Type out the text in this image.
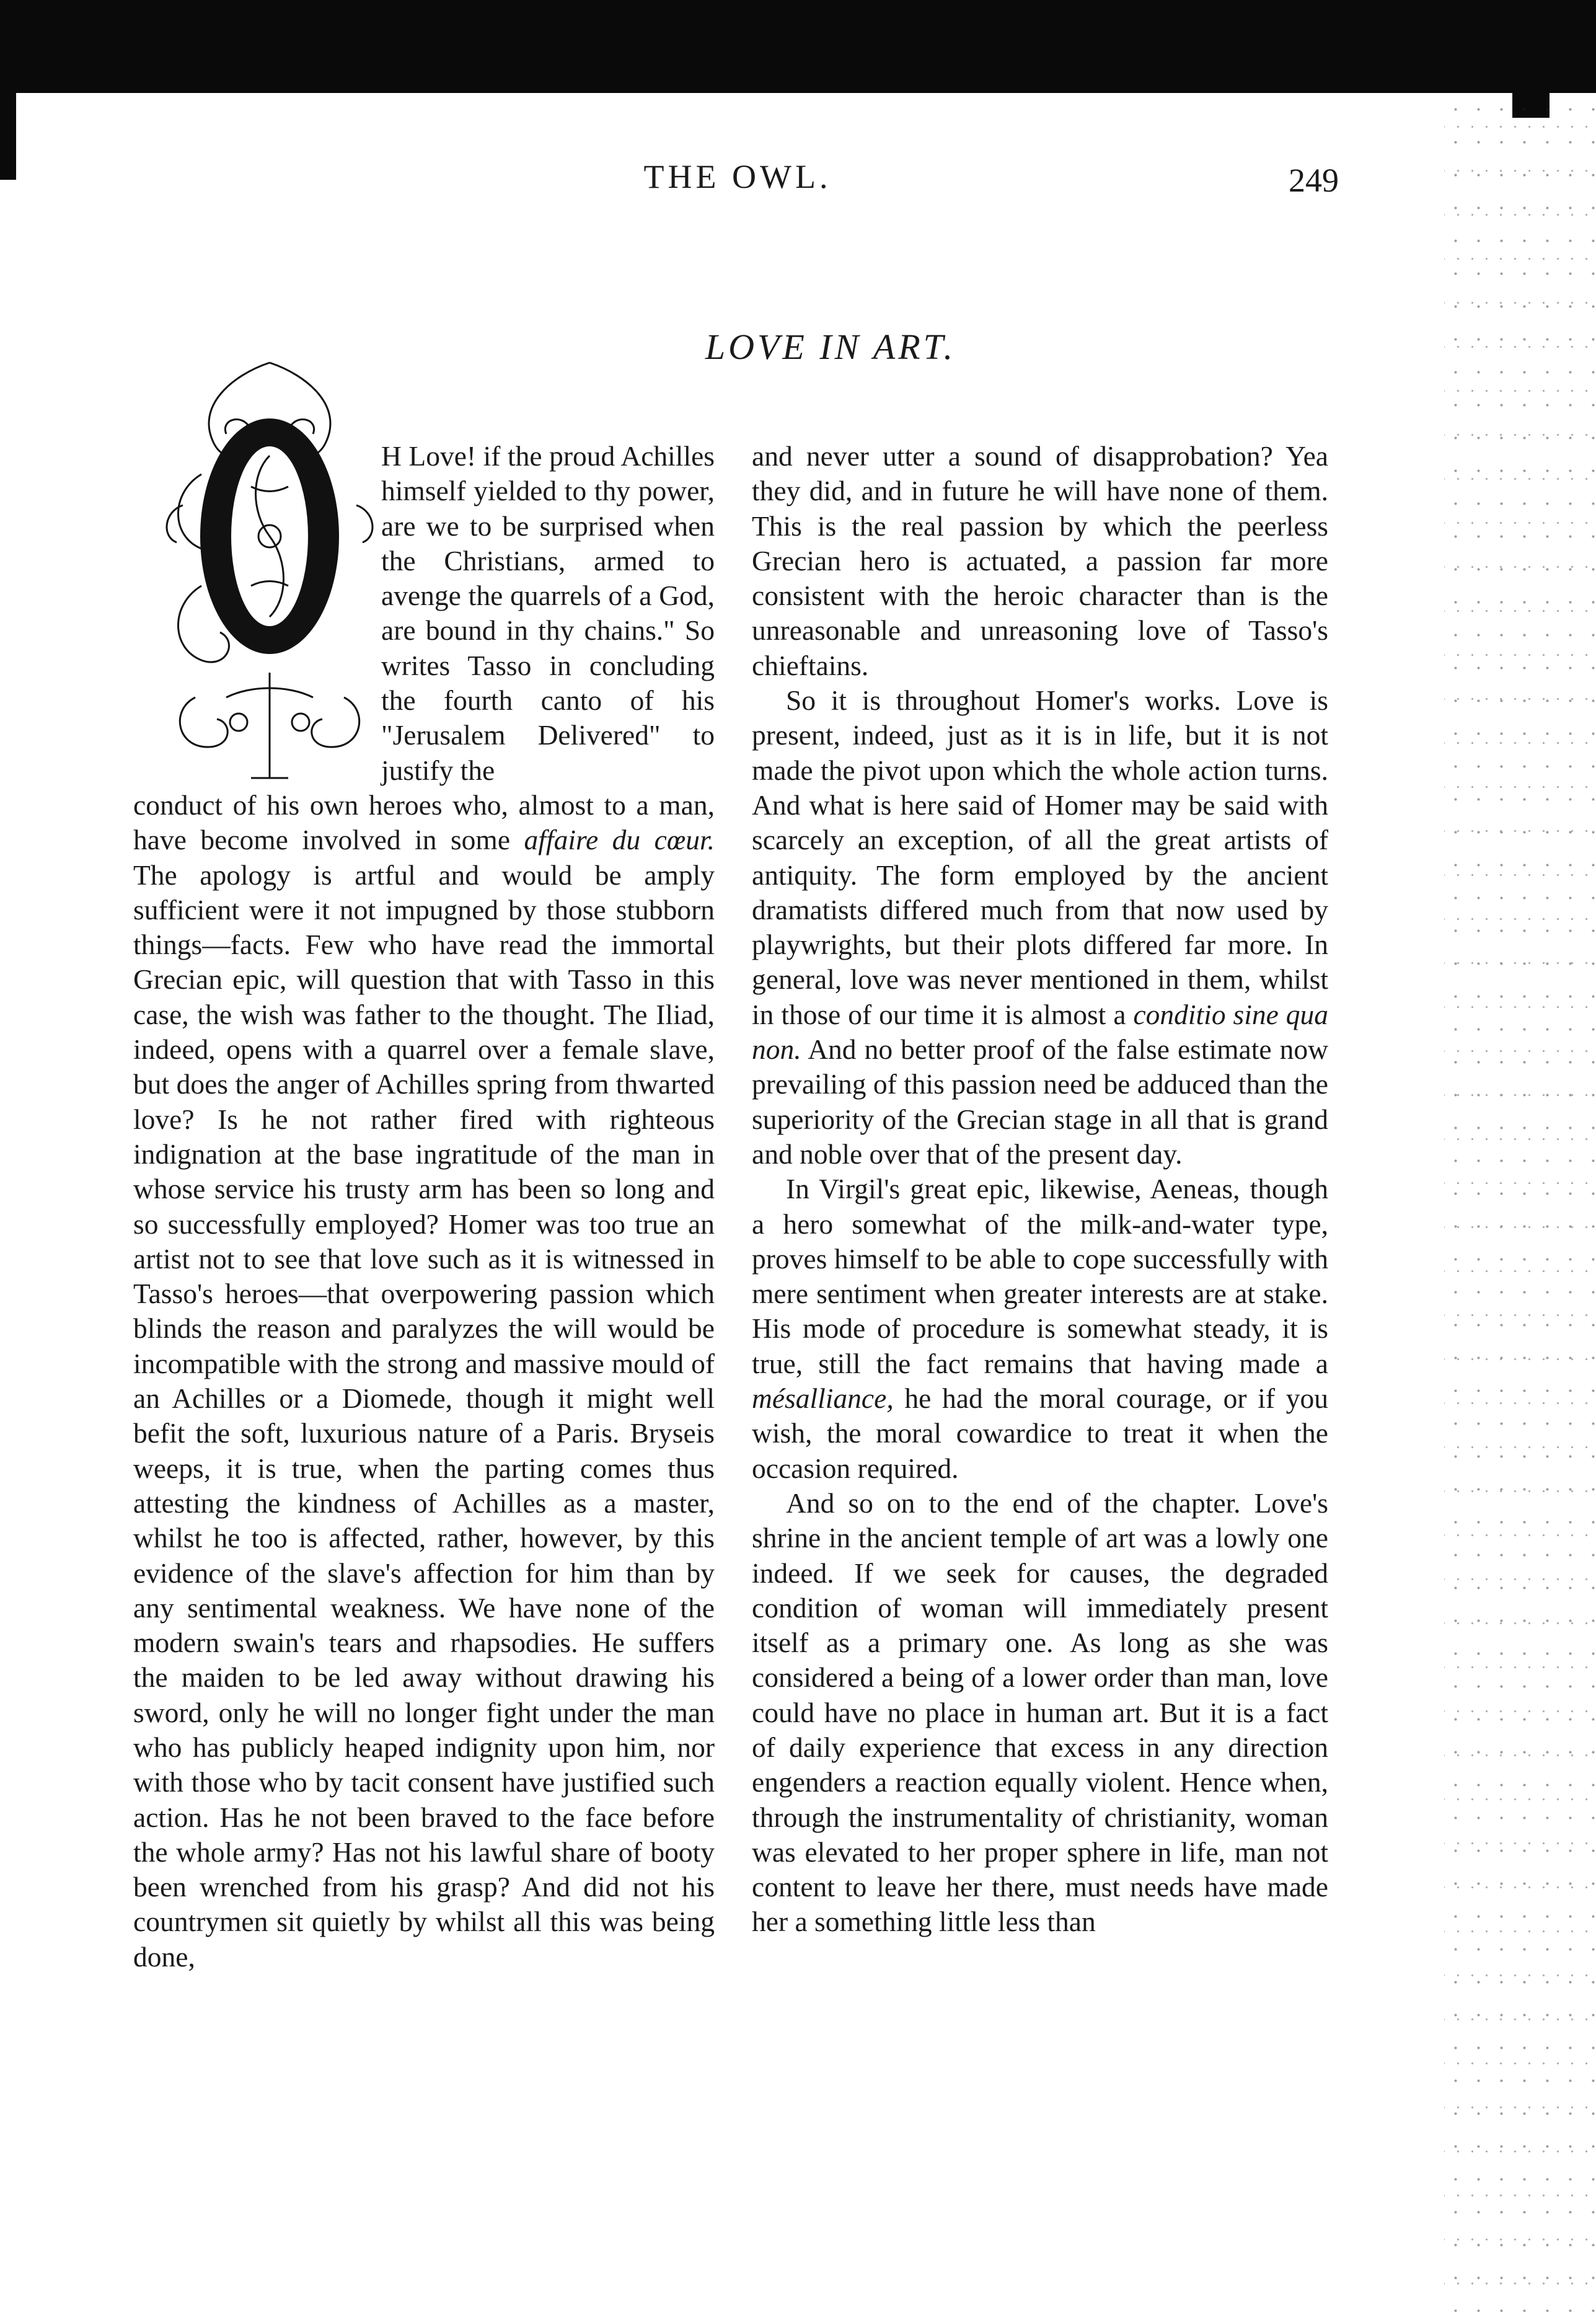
THE OWL.	249
LOVE IN ART.

H Love! if the proud Achilles himself yielded to thy power, are we to be surprised when the Christians, armed to avenge the quarrels of a God, are bound in thy chains." So writes Tasso in concluding the fourth canto of his "Jerusalem Delivered" to justify the

conduct of his own heroes who, almost to a man, have become involved in some affaire du cœur. The apology is artful and would be amply sufficient were it not impugned by those stubborn things—facts. Few who have read the immortal Grecian epic, will question that with Tasso in this case, the wish was father to the thought. The Iliad, indeed, opens with a quarrel over a female slave, but does the anger of Achilles spring from thwarted love? Is he not rather fired with righteous indignation at the base ingratitude of the man in whose service his trusty arm has been so long and so successfully employed? Homer was too true an artist not to see that love such as it is witnessed in Tasso's heroes—that overpowering passion which blinds the reason and paralyzes the will would be incompatible with the strong and massive mould of an Achilles or a Diomede, though it might well befit the soft, luxurious nature of a Paris. Bryseis weeps, it is true, when the parting comes thus attesting the kindness of Achilles as a master, whilst he too is affected, rather, however, by this evidence of the slave's affection for him than by any sentimental weakness. We have none of the modern swain's tears and rhapsodies. He suffers the maiden to be led away without drawing his sword, only he will no longer fight under the man who has publicly heaped indignity upon him, nor with those who by tacit consent have justified such action. Has he not been braved to the face before the whole army? Has not his lawful share of booty been wrenched from his grasp? And did not his countrymen sit quietly by whilst all this was being done,

and never utter a sound of disapprobation? Yea they did, and in future he will have none of them. This is the real passion by which the peerless Grecian hero is actuated, a passion far more consistent with the heroic character than is the unreasonable and unreasoning love of Tasso's chieftains.

So it is throughout Homer's works. Love is present, indeed, just as it is in life, but it is not made the pivot upon which the whole action turns. And what is here said of Homer may be said with scarcely an exception, of all the great artists of antiquity. The form employed by the ancient dramatists differed much from that now used by playwrights, but their plots differed far more. In general, love was never mentioned in them, whilst in those of our time it is almost a conditio sine qua non. And no better proof of the false estimate now prevailing of this passion need be adduced than the superiority of the Grecian stage in all that is grand and noble over that of the present day.

In Virgil's great epic, likewise, Aeneas, though a hero somewhat of the milk-and-water type, proves himself to be able to cope successfully with mere sentiment when greater interests are at stake. His mode of procedure is somewhat steady, it is true, still the fact remains that having made a mésalliance, he had the moral courage, or if you wish, the moral cowardice to treat it when the occasion required.

And so on to the end of the chapter. Love's shrine in the ancient temple of art was a lowly one indeed. If we seek for causes, the degraded condition of woman will immediately present itself as a primary one. As long as she was considered a being of a lower order than man, love could have no place in human art. But it is a fact of daily experience that excess in any direction engenders a reaction equally violent. Hence when, through the instrumentality of christianity, woman was elevated to her proper sphere in life, man not content to leave her there, must needs have made her a something little less than
